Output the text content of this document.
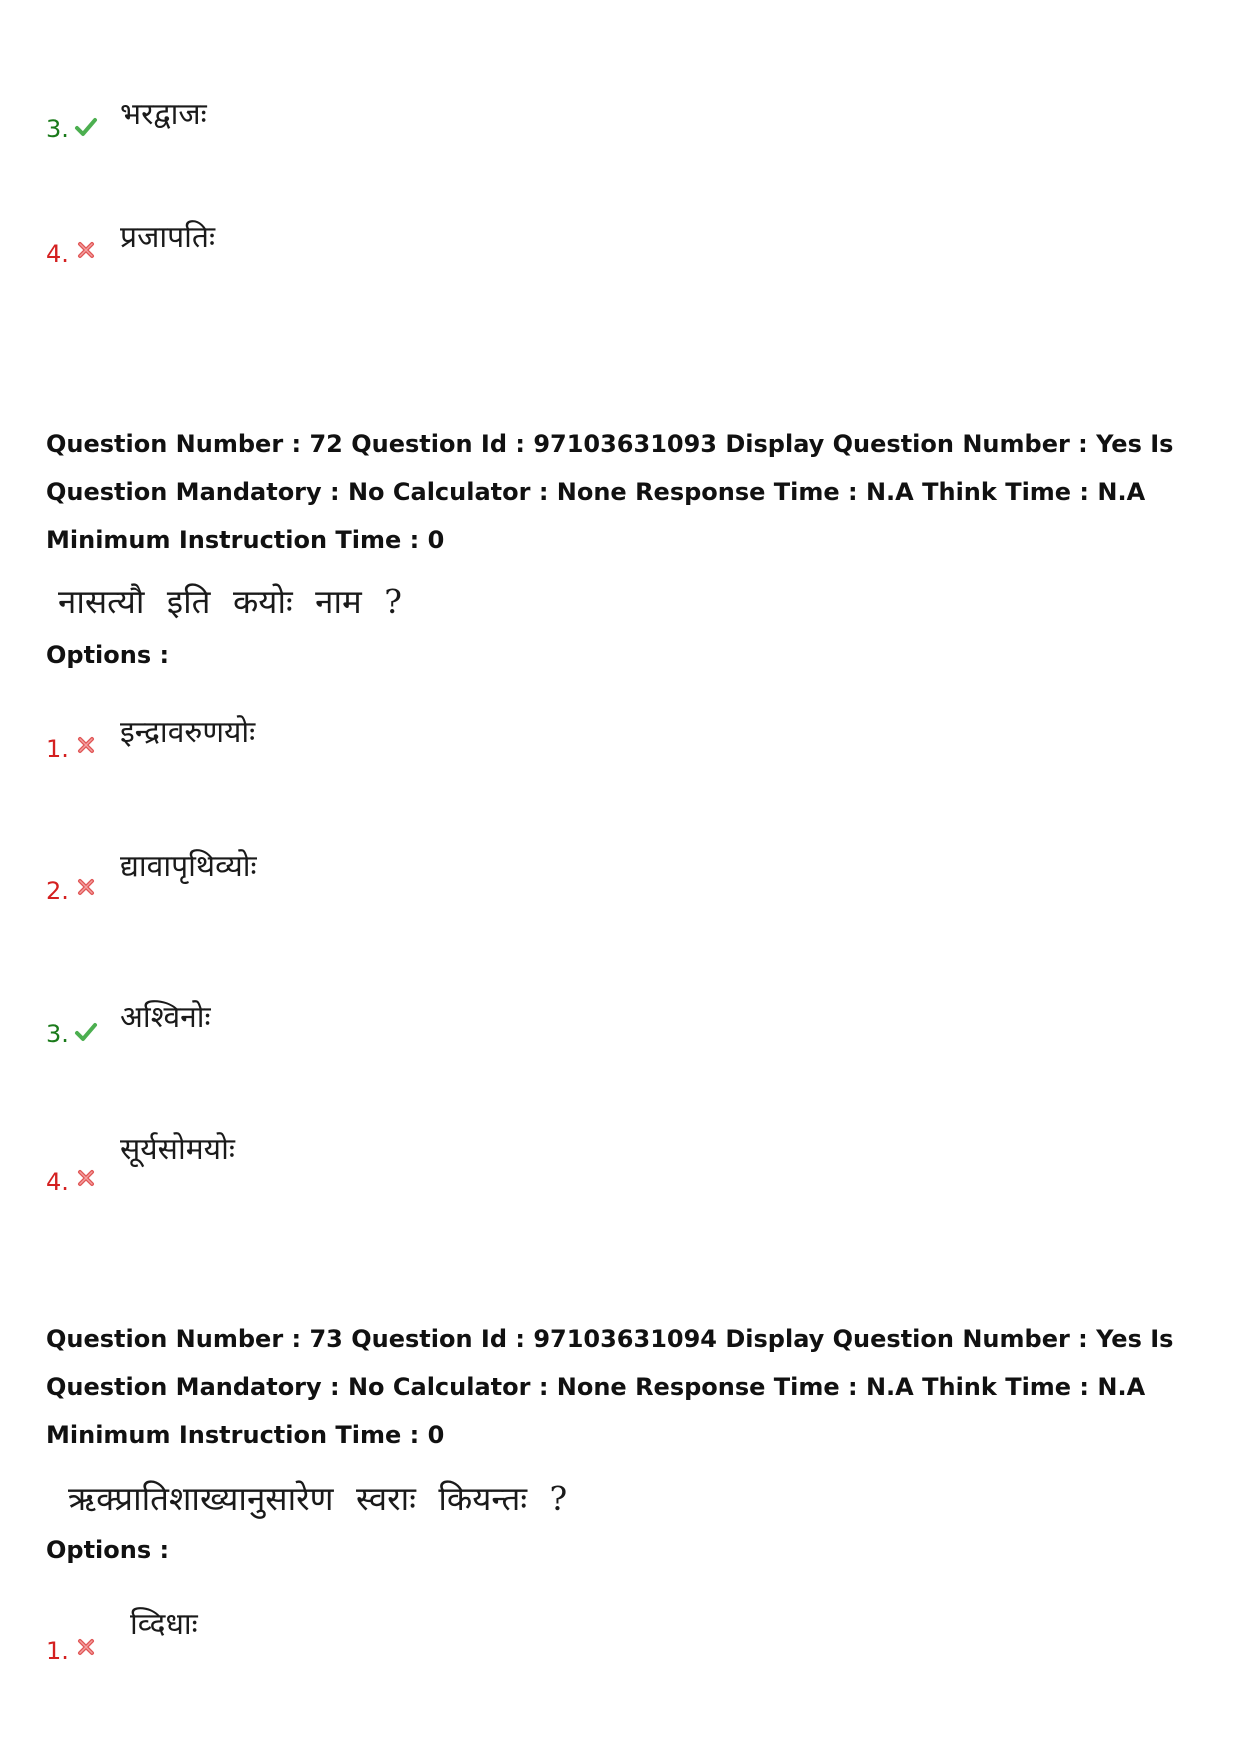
3. भरद्वाजः
4. प्रजापतिः
Question Number : 72 Question Id : 97103631093 Display Question Number : Yes Is Question Mandatory : No Calculator : None Response Time : N.A Think Time : N.A Minimum Instruction Time : 0
नासत्यौ इति कयोः नाम ?
Options :
1. इन्द्रावरुणयोः
2.
द्यावापृथिव्योः
3. अश्विनोः
4.
सूर्यसोमयोः
Question Number : 73 Question Id : 97103631094 Display Question Number : Yes Is Question Mandatory : No Calculator : None Response Time : N.A Think Time : N.A Minimum Instruction Time : 0
ऋक्प्रातिशाख्यानुसारेण स्वराः कियन्तः ?
Options :
1.
व्दिधाः
